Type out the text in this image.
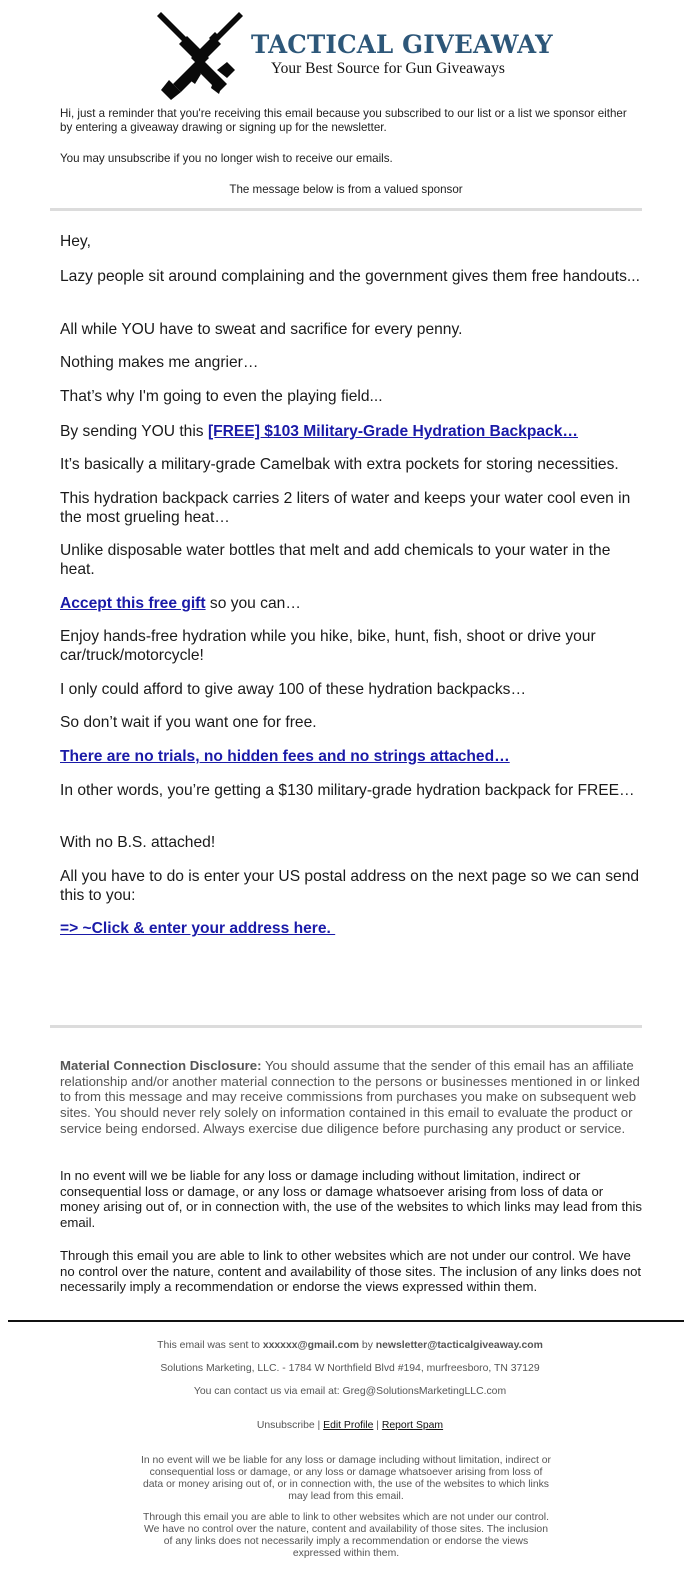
TACTICAL GIVEAWAY
Your Best Source for Gun Giveaways
Hi, just a reminder that you're receiving this email because you subscribed to our list or a list we sponsor either by entering a giveaway drawing or signing up for the newsletter.
You may unsubscribe if you no longer wish to receive our emails.
The message below is from a valued sponsor
Hey,
Lazy people sit around complaining and the government gives them free handouts...
All while YOU have to sweat and sacrifice for every penny.
Nothing makes me angrier…
That’s why I'm going to even the playing field...
By sending YOU this [FREE] $103 Military-Grade Hydration Backpack…
It’s basically a military-grade Camelbak with extra pockets for storing necessities.
This hydration backpack carries 2 liters of water and keeps your water cool even in the most grueling heat…
Unlike disposable water bottles that melt and add chemicals to your water in the heat.
Accept this free gift so you can…
Enjoy hands-free hydration while you hike, bike, hunt, fish, shoot or drive your car/truck/motorcycle!
I only could afford to give away 100 of these hydration backpacks…
So don’t wait if you want one for free.
There are no trials, no hidden fees and no strings attached…
In other words, you’re getting a $130 military-grade hydration backpack for FREE…
With no B.S. attached!
All you have to do is enter your US postal address on the next page so we can send this to you:
=> ~Click & enter your address here.
Material Connection Disclosure: You should assume that the sender of this email has an affiliate relationship and/or another material connection to the persons or businesses mentioned in or linked to from this message and may receive commissions from purchases you make on subsequent web sites. You should never rely solely on information contained in this email to evaluate the product or service being endorsed. Always exercise due diligence before purchasing any product or service.
In no event will we be liable for any loss or damage including without limitation, indirect or consequential loss or damage, or any loss or damage whatsoever arising from loss of data or money arising out of, or in connection with, the use of the websites to which links may lead from this email.
Through this email you are able to link to other websites which are not under our control. We have no control over the nature, content and availability of those sites. The inclusion of any links does not necessarily imply a recommendation or endorse the views expressed within them.
This email was sent to xxxxxx@gmail.com by newsletter@tacticalgiveaway.com
Solutions Marketing, LLC. - 1784 W Northfield Blvd #194, murfreesboro, TN 37129
You can contact us via email at: Greg@SolutionsMarketingLLC.com
Unsubscribe | Edit Profile | Report Spam
In no event will we be liable for any loss or damage including without limitation, indirect or consequential loss or damage, or any loss or damage whatsoever arising from loss of data or money arising out of, or in connection with, the use of the websites to which links may lead from this email.
Through this email you are able to link to other websites which are not under our control. We have no control over the nature, content and availability of those sites. The inclusion of any links does not necessarily imply a recommendation or endorse the views expressed within them.
